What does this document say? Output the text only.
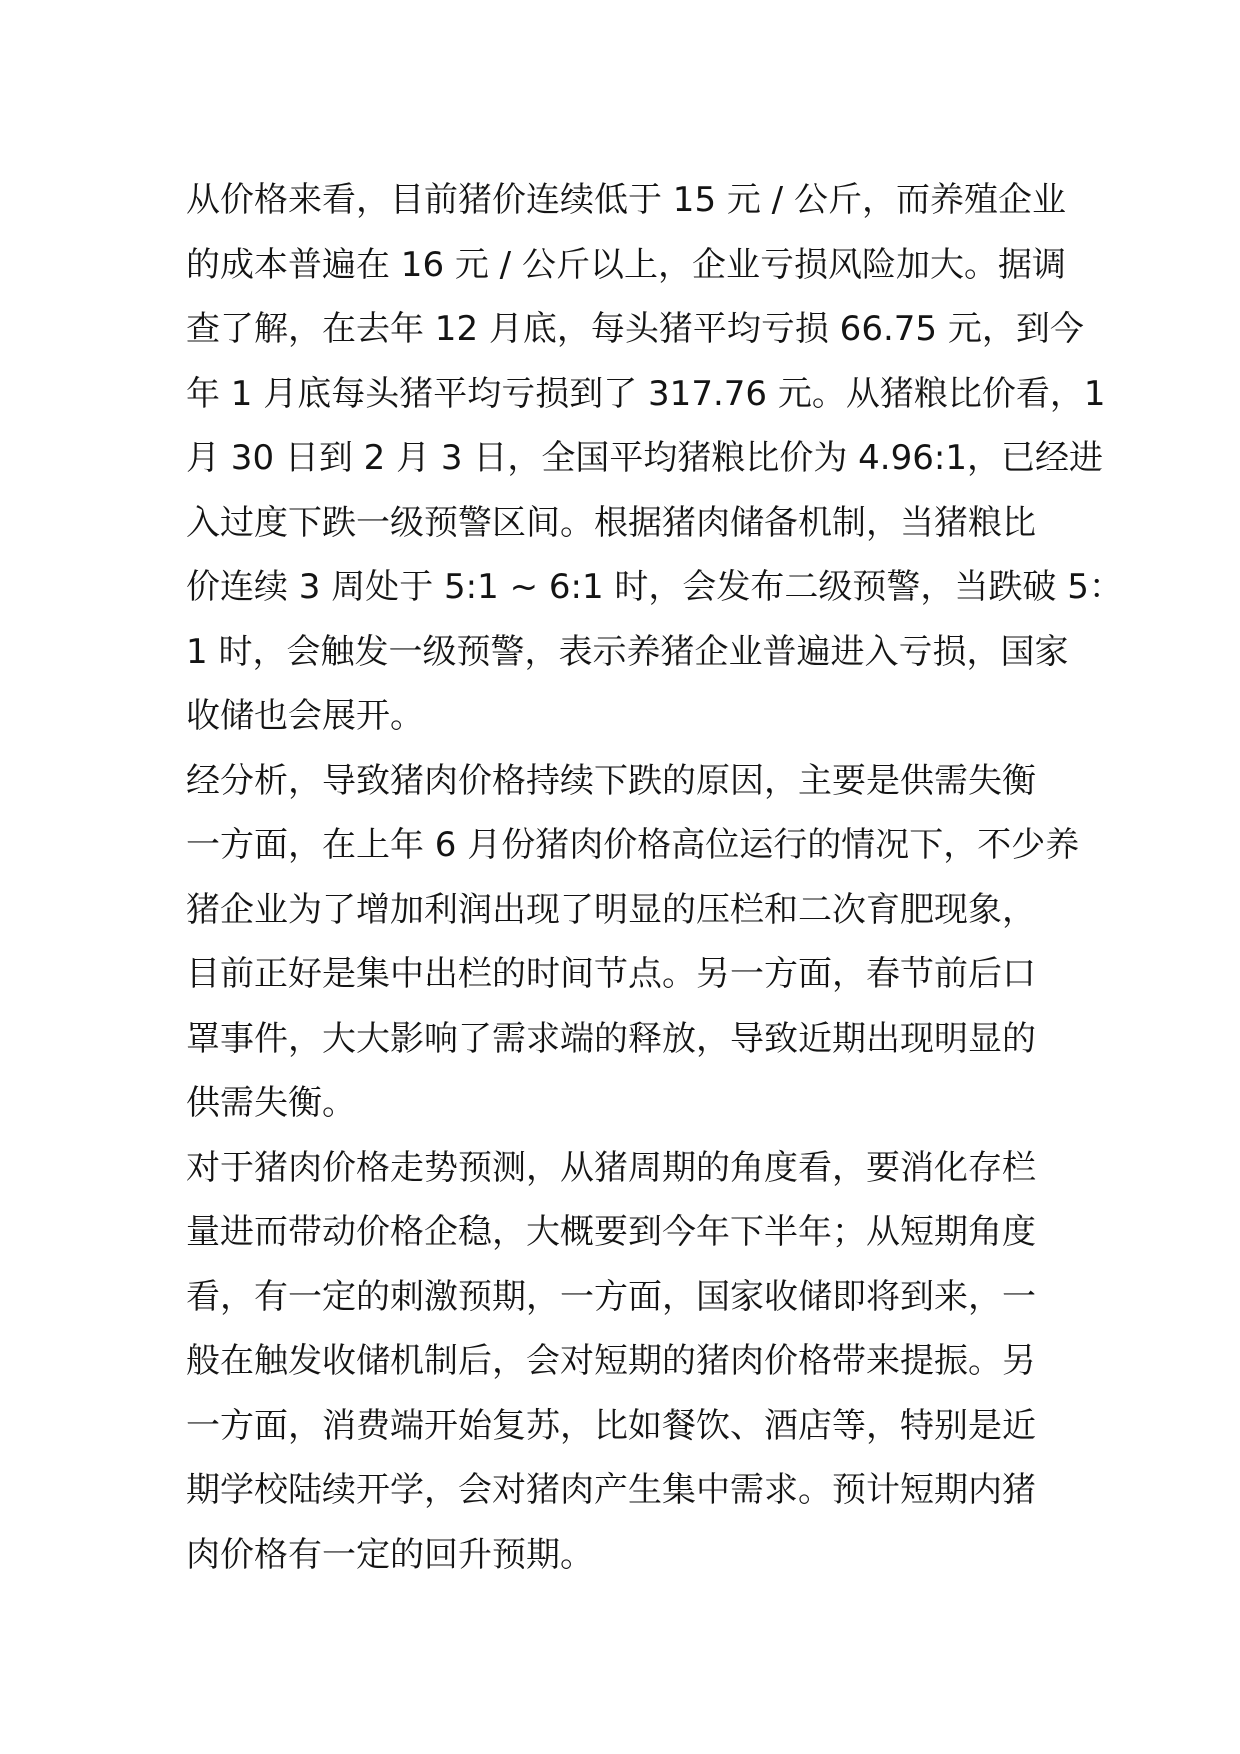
从价格来看，目前猪价连续低于 15 元 / 公斤，而养殖企业
的成本普遍在 16 元 / 公斤以上，企业亏损风险加大。据调
查了解，在去年 12 月底，每头猪平均亏损 66.75 元，到今
年 1 月底每头猪平均亏损到了 317.76 元。从猪粮比价看，1
月 30 日到 2 月 3 日，全国平均猪粮比价为 4.96:1，已经进
入过度下跌一级预警区间。根据猪肉储备机制，当猪粮比
价连续 3 周处于 5:1 ~ 6:1 时，会发布二级预警，当跌破 5：
1 时，会触发一级预警，表示养猪企业普遍进入亏损，国家
收储也会展开。

经分析，导致猪肉价格持续下跌的原因，主要是供需失衡
一方面，在上年 6 月份猪肉价格高位运行的情况下，不少养
猪企业为了增加利润出现了明显的压栏和二次育肥现象，
目前正好是集中出栏的时间节点。另一方面，春节前后口
罩事件，大大影响了需求端的释放，导致近期出现明显的
供需失衡。

对于猪肉价格走势预测，从猪周期的角度看，要消化存栏
量进而带动价格企稳，大概要到今年下半年；从短期角度
看，有一定的刺激预期，一方面，国家收储即将到来，一
般在触发收储机制后，会对短期的猪肉价格带来提振。另
一方面，消费端开始复苏，比如餐饮、酒店等，特别是近
期学校陆续开学，会对猪肉产生集中需求。预计短期内猪
肉价格有一定的回升预期。
